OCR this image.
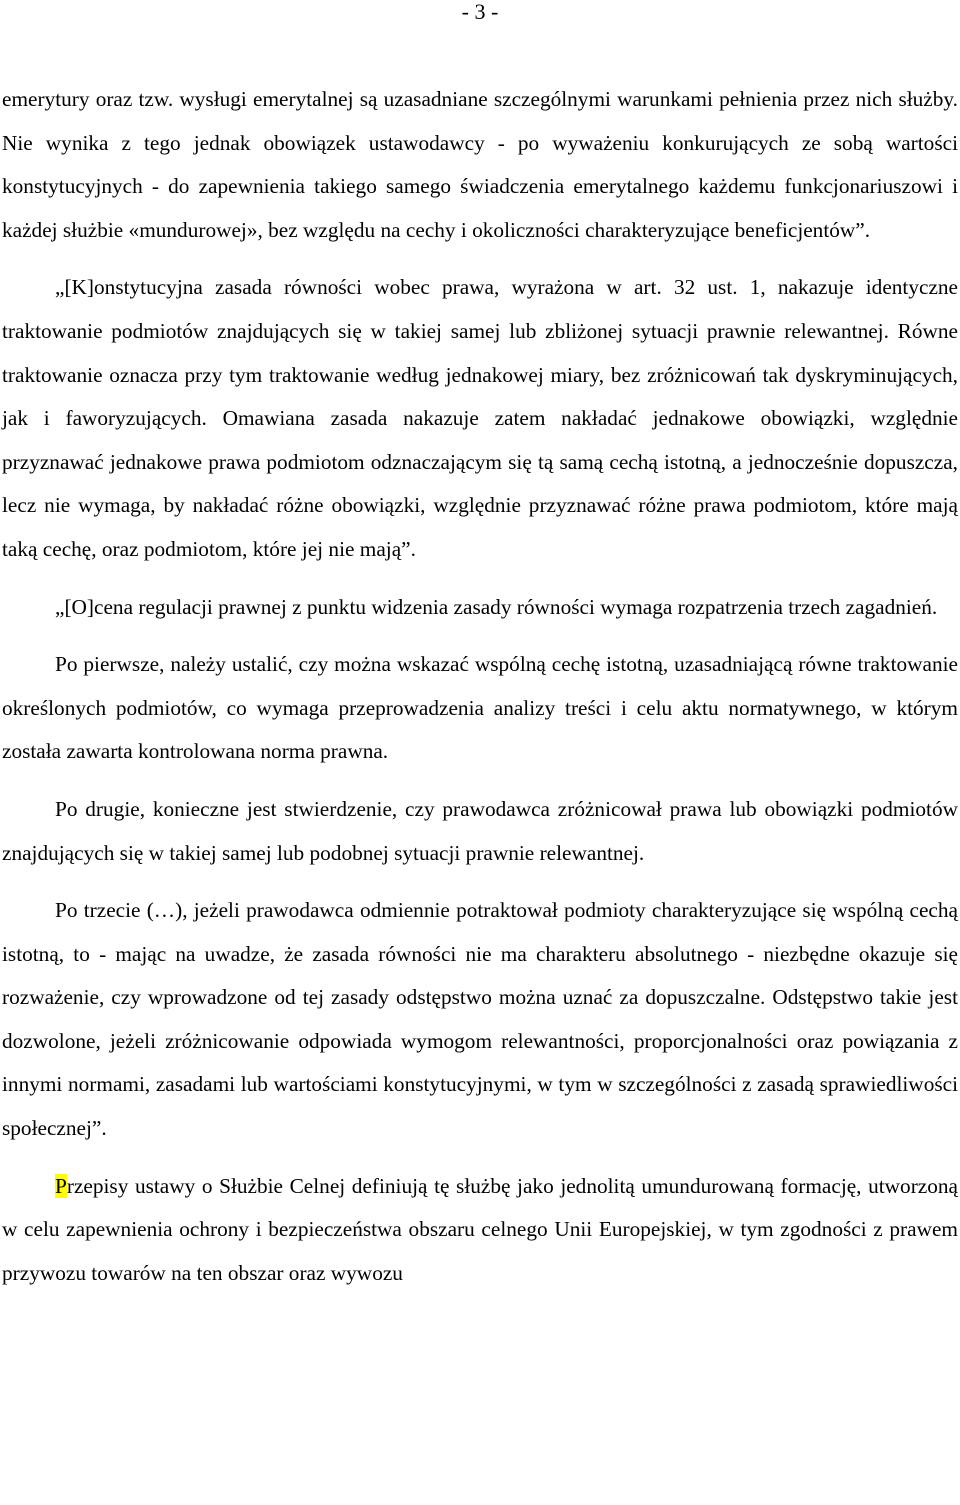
- 3 -

emerytury oraz tzw. wysługi emerytalnej są uzasadniane szczególnymi warunkami pełnienia przez nich służby. Nie wynika z tego jednak obowiązek ustawodawcy - po wyważeniu konkurujących ze sobą wartości konstytucyjnych - do zapewnienia takiego samego świadczenia emerytalnego każdemu funkcjonariuszowi i każdej służbie «mundurowej», bez względu na cechy i okoliczności charakteryzujące beneficjentów”.

„[K]onstytucyjna zasada równości wobec prawa, wyrażona w art. 32 ust. 1, nakazuje identyczne traktowanie podmiotów znajdujących się w takiej samej lub zbliżonej sytuacji prawnie relewantnej. Równe traktowanie oznacza przy tym traktowanie według jednakowej miary, bez zróżnicowań tak dyskryminujących, jak i faworyzujących. Omawiana zasada nakazuje zatem nakładać jednakowe obowiązki, względnie przyznawać jednakowe prawa podmiotom odznaczającym się tą samą cechą istotną, a jednocześnie dopuszcza, lecz nie wymaga, by nakładać różne obowiązki, względnie przyznawać różne prawa podmiotom, które mają taką cechę, oraz podmiotom, które jej nie mają”.

„[O]cena regulacji prawnej z punktu widzenia zasady równości wymaga rozpatrzenia trzech zagadnień.

Po pierwsze, należy ustalić, czy można wskazać wspólną cechę istotną, uzasadniającą równe traktowanie określonych podmiotów, co wymaga przeprowadzenia analizy treści i celu aktu normatywnego, w którym została zawarta kontrolowana norma prawna.

Po drugie, konieczne jest stwierdzenie, czy prawodawca zróżnicował prawa lub obowiązki podmiotów znajdujących się w takiej samej lub podobnej sytuacji prawnie relewantnej.

Po trzecie (…), jeżeli prawodawca odmiennie potraktował podmioty charakteryzujące się wspólną cechą istotną, to - mając na uwadze, że zasada równości nie ma charakteru absolutnego - niezbędne okazuje się rozważenie, czy wprowadzone od tej zasady odstępstwo można uznać za dopuszczalne. Odstępstwo takie jest dozwolone, jeżeli zróżnicowanie odpowiada wymogom relewantności, proporcjonalności oraz powiązania z innymi normami, zasadami lub wartościami konstytucyjnymi, w tym w szczególności z zasadą sprawiedliwości społecznej”.

Przepisy ustawy o Służbie Celnej definiują tę służbę jako jednolitą umundurowaną formację, utworzoną w celu zapewnienia ochrony i bezpieczeństwa obszaru celnego Unii Europejskiej, w tym zgodności z prawem przywozu towarów na ten obszar oraz wywozu
